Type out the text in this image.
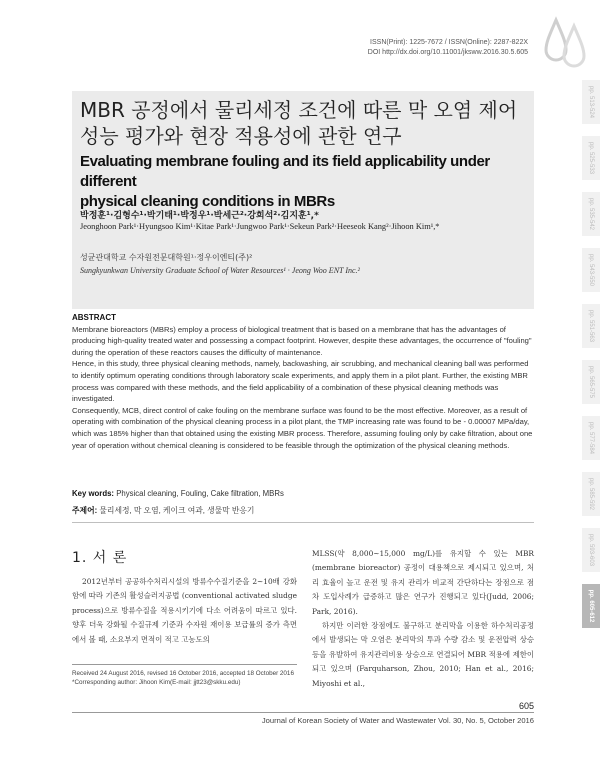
ISSN(Print): 1225-7672 / ISSN(Online): 2287-822X
DOI http://dx.doi.org/10.11001/jksww.2016.30.5.605
pp. 513-524
pp. 525-533
pp. 535-542
pp. 543-550
pp. 551-563
pp. 565-575
pp. 577-584
pp. 585-592
pp. 593-603
pp. 605-612
MBR 공정에서 물리세정 조건에 따른 막 오염 제어
성능 평가와 현장 적용성에 관한 연구
Evaluating membrane fouling and its field applicability under different
physical cleaning conditions in MBRs
박정훈¹·김형수¹·박기태¹·박정우¹·박세근²·강희석²·김지훈¹,*
Jeonghoon Park¹·Hyungsoo Kim¹·Kitae Park¹·Jungwoo Park¹·Sekeun Park²·Heeseok Kang²·Jihoon Kim¹,*
성균관대학교 수자원전문대학원¹·정우이엔티(주)²
Sungkyunkwan University Graduate School of Water Resources¹ · Jeong Woo ENT Inc.²
ABSTRACT

Membrane bioreactors (MBRs) employ a process of biological treatment that is based on a membrane that has the advantages of producing high-quality treated water and possessing a compact footprint. However, despite these advantages, the occurrence of "fouling" during the operation of these reactors causes the difficulty of maintenance.

Hence, in this study, three physical cleaning methods, namely, backwashing, air scrubbing, and mechanical cleaning ball was performed to identify optimum operating conditions through laboratory scale experiments, and apply them in a pilot plant. Further, the existing MBR process was compared with these methods, and the field applicability of a combination of these physical cleaning methods was investigated.

Consequently, MCB, direct control of cake fouling on the membrane surface was found to be the most effective. Moreover, as a result of operating with combination of the physical cleaning process in a pilot plant, the TMP increasing rate was found to be - 0.00007 MPa/day, which was 185% higher than that obtained using the existing MBR process. Therefore, assuming fouling only by cake filtration, about one year of operation without chemical cleaning is considered to be feasible through the optimization of the physical cleaning methods.

Key words: Physical cleaning, Fouling, Cake filtration, MBRs
주제어: 물리세정, 막 오염, 케이크 여과, 생물막 반응기
1. 서 론
2012년부터 공공하수처리시설의 방류수수질기준을 2~10배 강화함에 따라 기존의 활성슬러지공법 (conventional activated sludge process)으로 방류수질을 적용시키기에 다소 어려움이 따르고 있다. 향후 더욱 강화될 수질규제 기준과 수자원 재이용 보급률의 증가 측면에서 볼 때, 소요부지 면적이 적고 고농도의
MLSS(약 8,000~15,000 mg/L)를 유지할 수 있는 MBR (membrane bioreactor) 공정이 대용책으로 제시되고 있으며, 처리 효율이 높고 운전 및 유지 관리가 비교적 간단하다는 장점으로 점차 도입사례가 급증하고 많은 연구가 진행되고 있다(Judd, 2006; Park, 2016).
하지만 이러한 장점에도 불구하고 분리막을 이용한 하수처리공정에서 발생되는 막 오염은 분리막의 투과 수량 감소 및 운전압력 상승 등을 유발하여 유지관리비용 상승으로 연결되어 MBR 적용에 제한이 되고 있으며 (Farquharson, Zhou, 2010; Han et al., 2016; Miyoshi et al.,
Received 24 August 2016, revised 16 October 2016, accepted 18 October 2016
*Corresponding author: Jihoon Kim(E-mail: jjtt23@skku.edu)
605
Journal of Korean Society of Water and Wastewater Vol. 30, No. 5, October 2016
